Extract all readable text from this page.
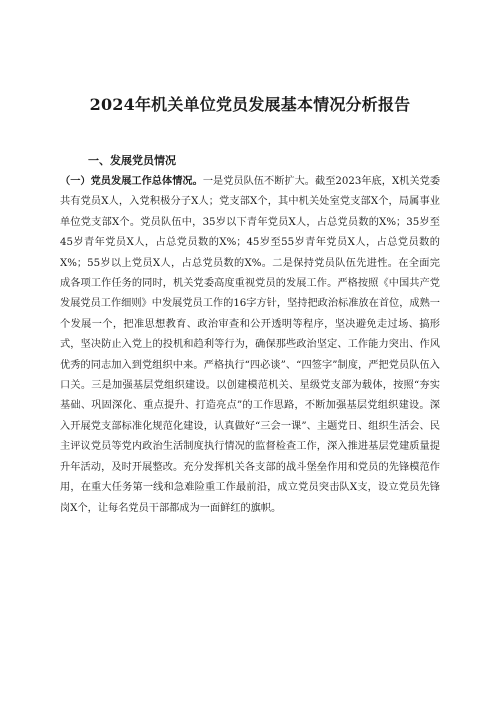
2024年机关单位党员发展基本情况分析报告
一、发展党员情况
（一）党员发展工作总体情况。一是党员队伍不断扩大。截至2023年底，X机关党委共有党员X人，入党积极分子X人；党支部X个，其中机关处室党支部X个，局属事业单位党支部X个。党员队伍中，35岁以下青年党员X人，占总党员数的X%；35岁至45岁青年党员X人，占总党员数的X%；45岁至55岁青年党员X人，占总党员数的X%；55岁以上党员X人，占总党员数的X%。二是保持党员队伍先进性。在全面完成各项工作任务的同时，机关党委高度重视党员的发展工作。严格按照《中国共产党发展党员工作细则》中发展党员工作的16字方针，坚持把政治标准放在首位，成熟一个发展一个，把准思想教育、政治审查和公开透明等程序，坚决避免走过场、搞形式，坚决防止入党上的投机和趋利等行为，确保那些政治坚定、工作能力突出、作风优秀的同志加入到党组织中来。严格执行“四必谈”、“四签字”制度，严把党员队伍入口关。三是加强基层党组织建设。以创建模范机关、星级党支部为载体，按照“夯实基础、巩固深化、重点提升、打造亮点”的工作思路，不断加强基层党组织建设。深入开展党支部标准化规范化建设，认真做好“三会一课”、主题党日、组织生活会、民主评议党员等党内政治生活制度执行情况的监督检查工作，深入推进基层党建质量提升年活动，及时开展整改。充分发挥机关各支部的战斗堡垒作用和党员的先锋模范作用，在重大任务第一线和急难险重工作最前沿，成立党员突击队X支，设立党员先锋岗X个，让每名党员干部都成为一面鲜红的旗帜。
